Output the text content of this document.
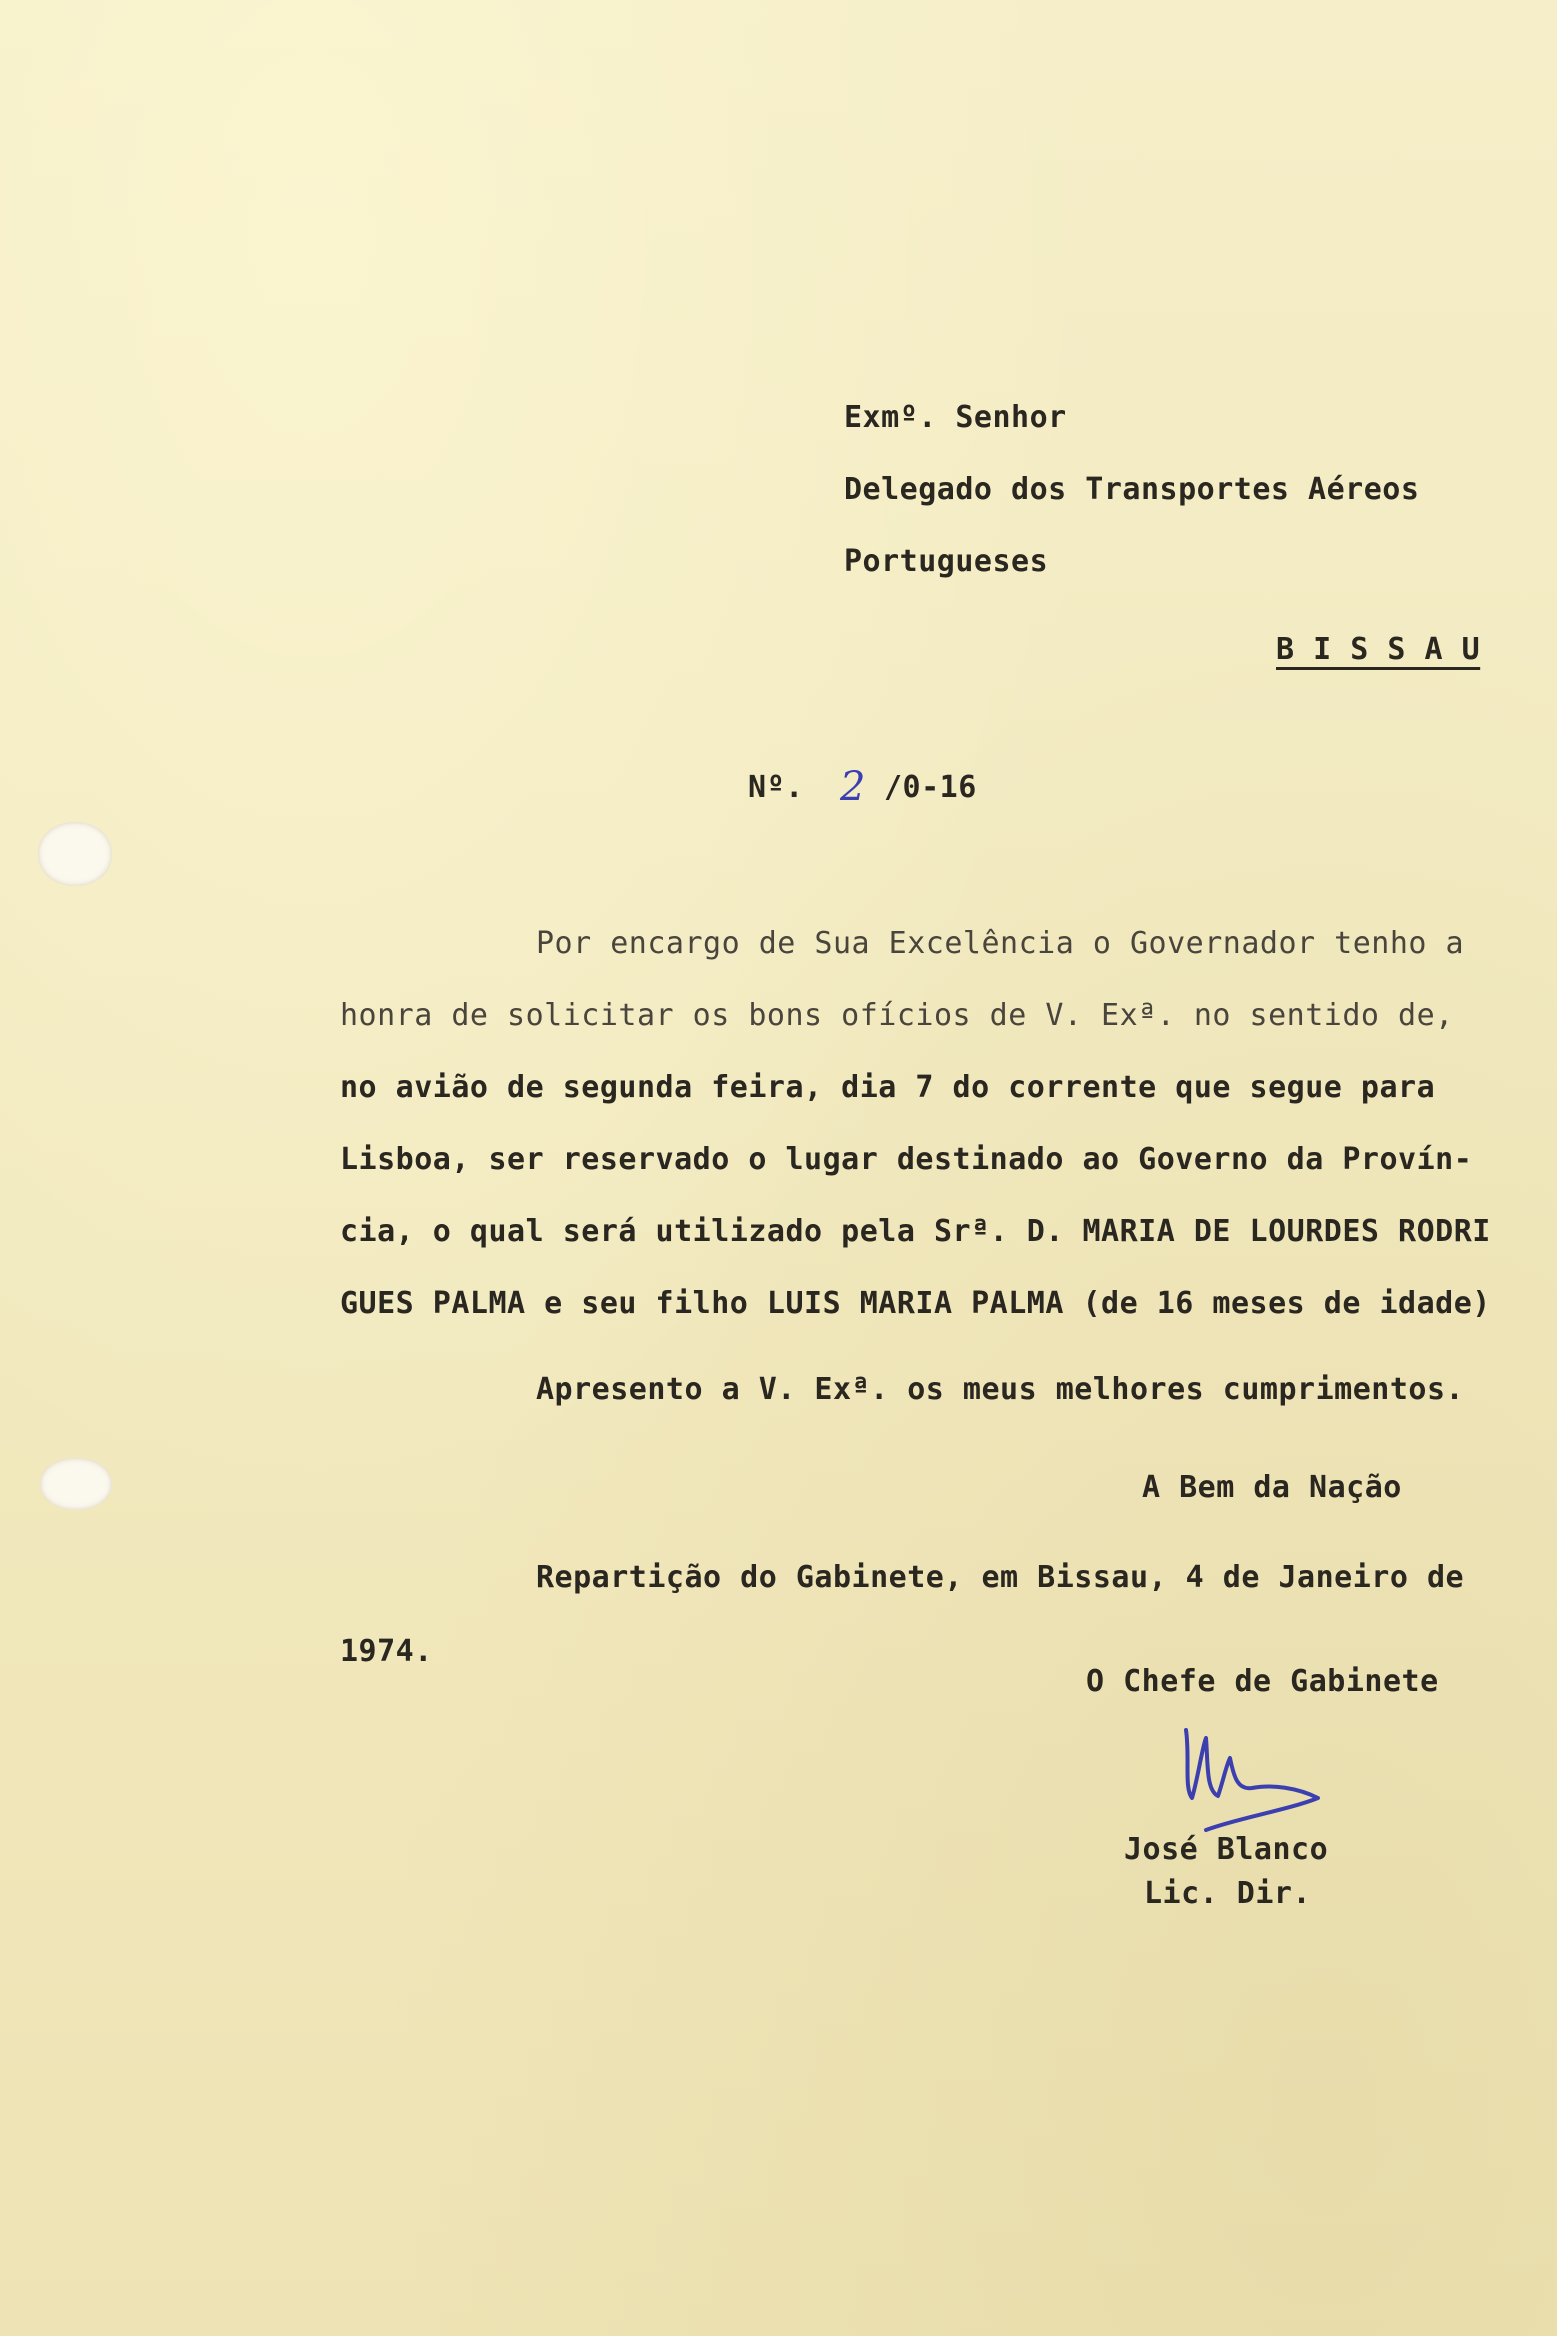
Exmº. Senhor
Delegado dos Transportes Aéreos
Portugueses
B I S S A U
Nº. 2 /0-16
Por encargo de Sua Excelência o Governador tenho a
honra de solicitar os bons ofícios de V. Exª. no sentido de,
no avião de segunda feira, dia 7 do corrente que segue para
Lisboa, ser reservado o lugar destinado ao Governo da Provín-
cia, o qual será utilizado pela Srª. D. MARIA DE LOURDES RODRI
GUES PALMA e seu filho LUIS MARIA PALMA (de 16 meses de idade)
Apresento a V. Exª. os meus melhores cumprimentos.
A Bem da Nação
Repartição do Gabinete, em Bissau, 4 de Janeiro de
1974.
O Chefe de Gabinete
José Blanco
Lic. Dir.
